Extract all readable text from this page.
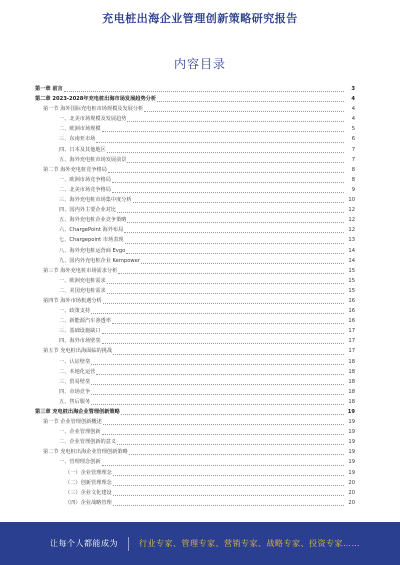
充电桩出海企业管理创新策略研究报告
内容目录
第一章 前言	3
第二章 2023-2028年充电桩出海市场发展趋势分析	4
第一节 海外国际充电桩市场规模及发展分析	4
一、北美市场规模及发展趋势	4
二、欧洲市场规模	5
三、东南亚市场	6
四、日本及其他地区	7
五、海外充电桩市场发展前景	7
第二节 海外充电桩竞争格局	8
一、欧洲市场竞争格局	8
二、北美市场竞争格局	9
三、海外充电桩市场集中度分析	10
四、国内外主要企业对比	12
五、海外充电桩企业竞争策略	12
六、ChargePoint 海外布局	12
七、Chargepoint 市场表现	13
八、海外充电桩运营商 Evgo	14
九、国内外充电桩企业 Kempower	14
第三节 海外充电桩市场需求分析	15
一、欧洲充电桩需求	15
二、美国充电桩需求	15
第四节 海外市场机遇分析	16
一、政策支持	16
二、新能源汽车渗透率	16
三、基础设施缺口	17
四、海外市场壁垒	17
第五节 充电桩出海面临的挑战	17
一、认证壁垒	18
二、本地化运营	18
三、贸易壁垒	18
四、市场竞争	18
五、售后服务	18
第三章 充电桩出海企业管理创新策略	19
第一节 企业管理创新概述	19
一、企业管理创新	19
二、企业管理创新的意义	19
第二节 充电桩出海企业管理创新策略	19
一、管理理念创新	19
（一）企业管理理念	19
（二）创新管理理念	20
（三）企业文化建设	20
（四）企业战略管理	20
让每个人都能成为	行业专家、管理专家、营销专家、战略专家、投资专家……
